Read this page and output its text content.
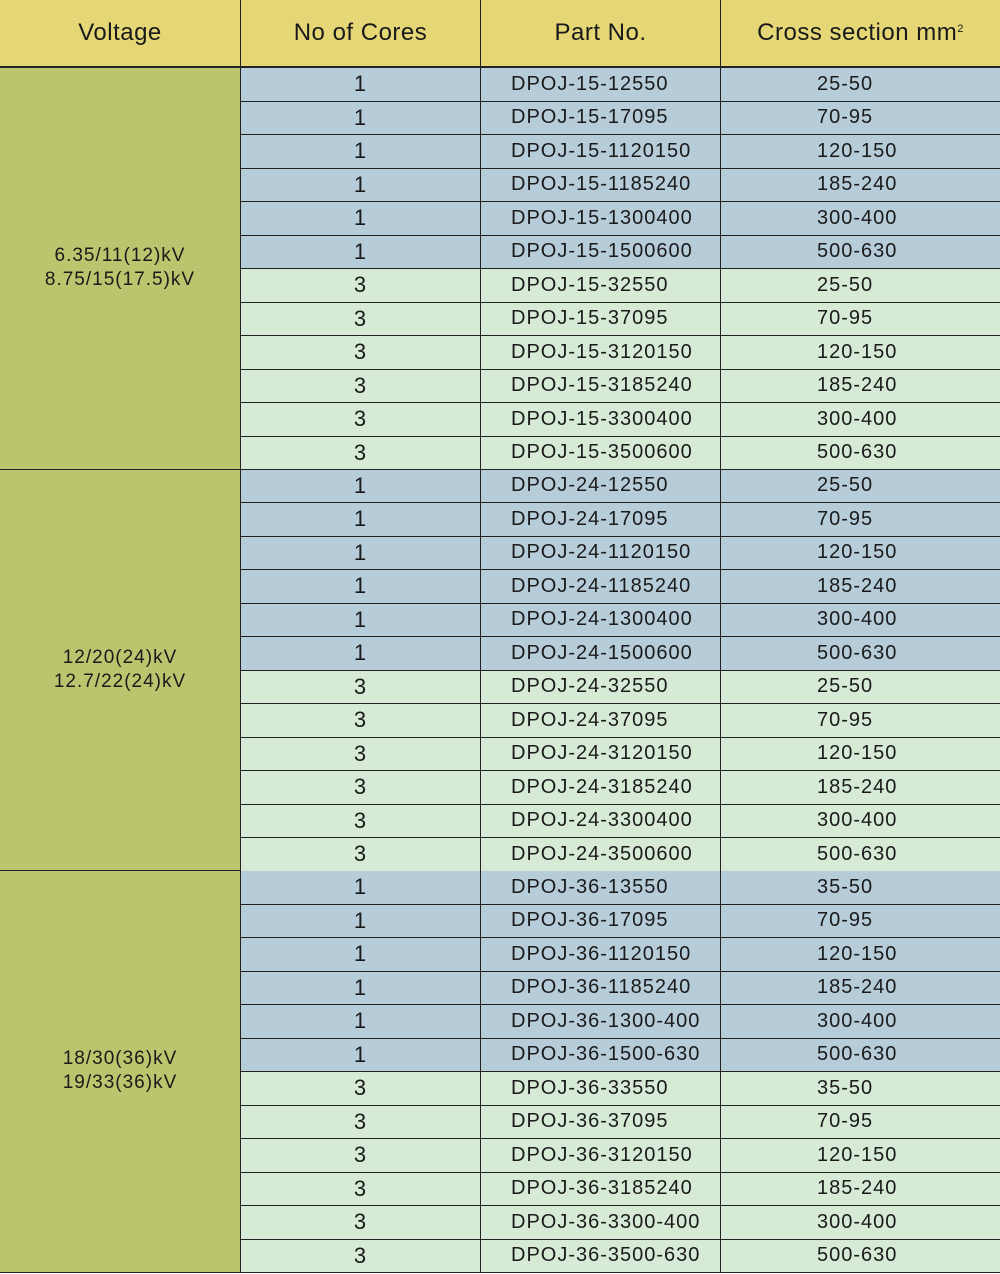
Voltage	No of Cores	Part No.	Cross section $mm^2$
6.35/11(12)kV
8.75/15(17.5)kV
1	DPOJ-15-12550	25-50
1	DPOJ-15-17095	70-95
1	DPOJ-15-1120150	120-150
1	DPOJ-15-1185240	185-240
1	DPOJ-15-1300400	300-400
1	DPOJ-15-1500600	500-630
3	DPOJ-15-32550	25-50
3	DPOJ-15-37095	70-95
3	DPOJ-15-3120150	120-150
3	DPOJ-15-3185240	185-240
3	DPOJ-15-3300400	300-400
3	DPOJ-15-3500600	500-630
12/20(24)kV
12.7/22(24)kV
1	DPOJ-24-12550	25-50
1	DPOJ-24-17095	70-95
1	DPOJ-24-1120150	120-150
1	DPOJ-24-1185240	185-240
1	DPOJ-24-1300400	300-400
1	DPOJ-24-1500600	500-630
3	DPOJ-24-32550	25-50
3	DPOJ-24-37095	70-95
3	DPOJ-24-3120150	120-150
3	DPOJ-24-3185240	185-240
3	DPOJ-24-3300400	300-400
3	DPOJ-24-3500600	500-630
18/30(36)kV
19/33(36)kV
1	DPOJ-36-13550	35-50
1	DPOJ-36-17095	70-95
1	DPOJ-36-1120150	120-150
1	DPOJ-36-1185240	185-240
1	DPOJ-36-1300-400	300-400
1	DPOJ-36-1500-630	500-630
3	DPOJ-36-33550	35-50
3	DPOJ-36-37095	70-95
3	DPOJ-36-3120150	120-150
3	DPOJ-36-3185240	185-240
3	DPOJ-36-3300-400	300-400
3	DPOJ-36-3500-630	500-630
